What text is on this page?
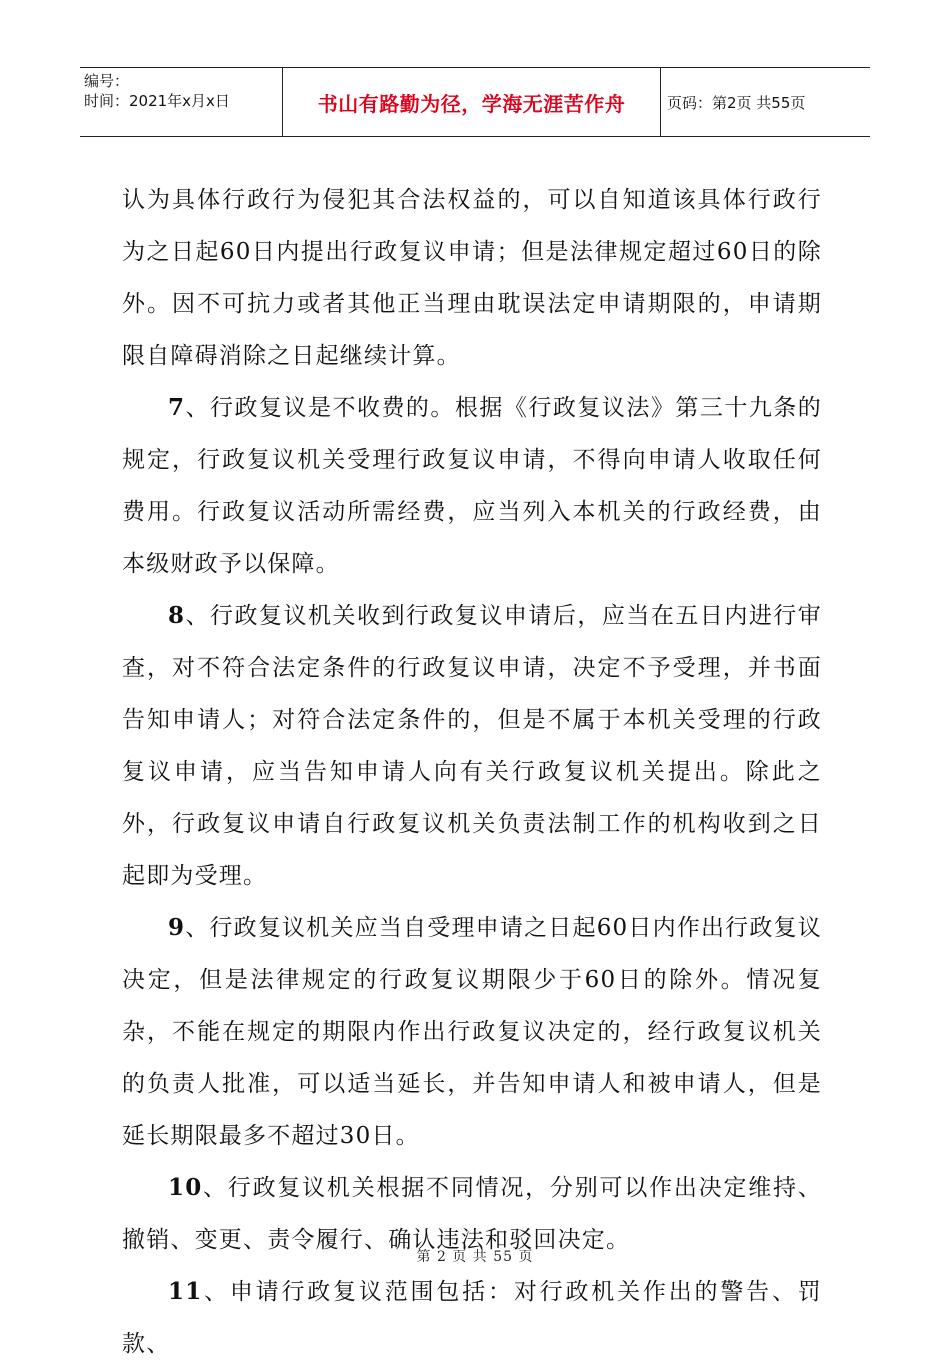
编号：
时间：2021年x月x日	书山有路勤为径，学海无涯苦作舟	页码：第2页 共55页

认为具体行政行为侵犯其合法权益的，可以自知道该具体行政行为之日起60日内提出行政复议申请；但是法律规定超过60日的除外。因不可抗力或者其他正当理由耽误法定申请期限的，申请期限自障碍消除之日起继续计算。

7、行政复议是不收费的。根据《行政复议法》第三十九条的规定，行政复议机关受理行政复议申请，不得向申请人收取任何费用。行政复议活动所需经费，应当列入本机关的行政经费，由本级财政予以保障。

8、行政复议机关收到行政复议申请后，应当在五日内进行审查，对不符合法定条件的行政复议申请，决定不予受理，并书面告知申请人；对符合法定条件的，但是不属于本机关受理的行政复议申请，应当告知申请人向有关行政复议机关提出。除此之外，行政复议申请自行政复议机关负责法制工作的机构收到之日起即为受理。

9、行政复议机关应当自受理申请之日起60日内作出行政复议决定，但是法律规定的行政复议期限少于60日的除外。情况复杂，不能在规定的期限内作出行政复议决定的，经行政复议机关的负责人批准，可以适当延长，并告知申请人和被申请人，但是延长期限最多不超过30日。

10、行政复议机关根据不同情况，分别可以作出决定维持、撤销、变更、责令履行、确认违法和驳回决定。

11、申请行政复议范围包括：对行政机关作出的警告、罚款、

第 2 页 共 55 页
